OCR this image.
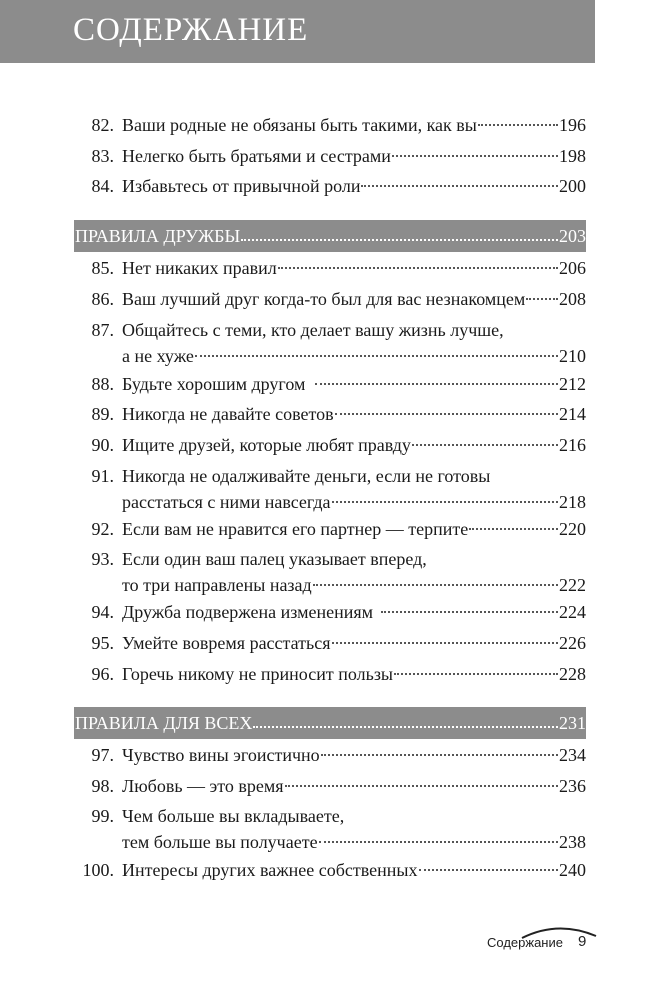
СОДЕРЖАНИЕ
82. Ваши родные не обязаны быть такими, как вы	196
83. Нелегко быть братьями и сестрами	198
84. Избавьтесь от привычной роли	200
ПРАВИЛА ДРУЖБЫ	203
85. Нет никаких правил	206
86. Ваш лучший друг когда-то был для вас незнакомцем 208
87. Общайтесь с теми, кто делает вашу жизнь лучше,
а не хуже	210
88. Будьте хорошим другом	212
89. Никогда не давайте советов	214
90. Ищите друзей, которые любят правду	216
91. Никогда не одалживайте деньги, если не готовы
расстаться с ними навсегда	218
92. Если вам не нравится его партнер — терпите	220
93. Если один ваш палец указывает вперед,
то три направлены назад	222
94. Дружба подвержена изменениям	224
95. Умейте вовремя расстаться	226
96. Горечь никому не приносит пользы	228
ПРАВИЛА ДЛЯ ВСЕХ	231
97. Чувство вины эгоистично	234
98. Любовь — это время	236
99. Чем больше вы вкладываете,
тем больше вы получаете	238
100. Интересы других важнее собственных	240
Содержание 9
